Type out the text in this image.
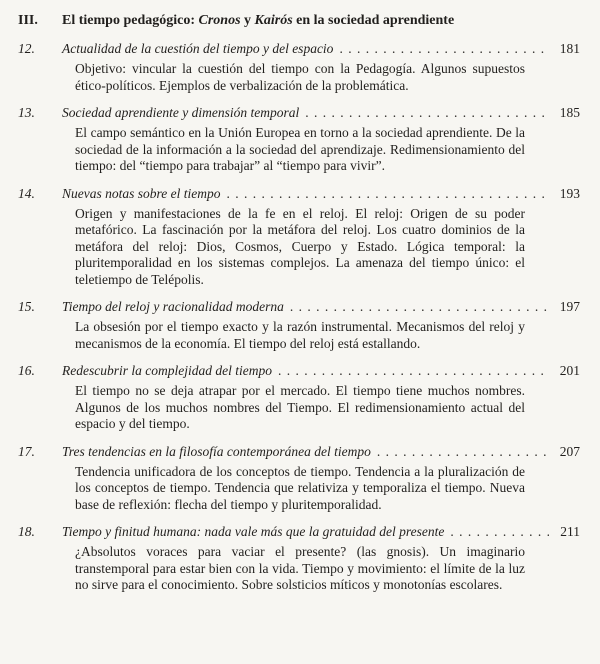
III.	El tiempo pedagógico: Cronos y Kairós en la sociedad aprendiente
12.	Actualidad de la cuestión del tiempo y del espacio . . .	181

Objetivo: vincular la cuestión del tiempo con la Pedagogía. Algunos supuestos ético-políticos. Ejemplos de verbalización de la problemática.

13.	Sociedad aprendiente y dimensión temporal . . .	185

El campo semántico en la Unión Europea en torno a la sociedad aprendiente. De la sociedad de la información a la sociedad del aprendizaje. Redimensionamiento del tiempo: del “tiempo para trabajar” al “tiempo para vivir”.

14.	Nuevas notas sobre el tiempo . . .	193

Origen y manifestaciones de la fe en el reloj. El reloj: Origen de su poder metafórico. La fascinación por la metáfora del reloj. Los cuatro dominios de la metáfora del reloj: Dios, Cosmos, Cuerpo y Estado. Lógica temporal: la pluritemporalidad en los sistemas complejos. La amenaza del tiempo único: el teletiempo de Telépolis.

15.	Tiempo del reloj y racionalidad moderna . . .	197

La obsesión por el tiempo exacto y la razón instrumental. Mecanismos del reloj y mecanismos de la economía. El tiempo del reloj está estallando.

16.	Redescubrir la complejidad del tiempo . . .	201

El tiempo no se deja atrapar por el mercado. El tiempo tiene muchos nombres. Algunos de los muchos nombres del Tiempo. El redimensionamiento actual del espacio y del tiempo.

17.	Tres tendencias en la filosofía contemporánea del tiempo . . .	207

Tendencia unificadora de los conceptos de tiempo. Tendencia a la pluralización de los conceptos de tiempo. Tendencia que relativiza y temporaliza el tiempo. Nueva base de reflexión: flecha del tiempo y pluritemporalidad.

18.	Tiempo y finitud humana: nada vale más que la gratuidad del presente . . .	211

¿Absolutos voraces para vaciar el presente? (las gnosis). Un imaginario transtemporal para estar bien con la vida. Tiempo y movimiento: el límite de la luz no sirve para el conocimiento. Sobre solsticios míticos y monotonías escolares.
